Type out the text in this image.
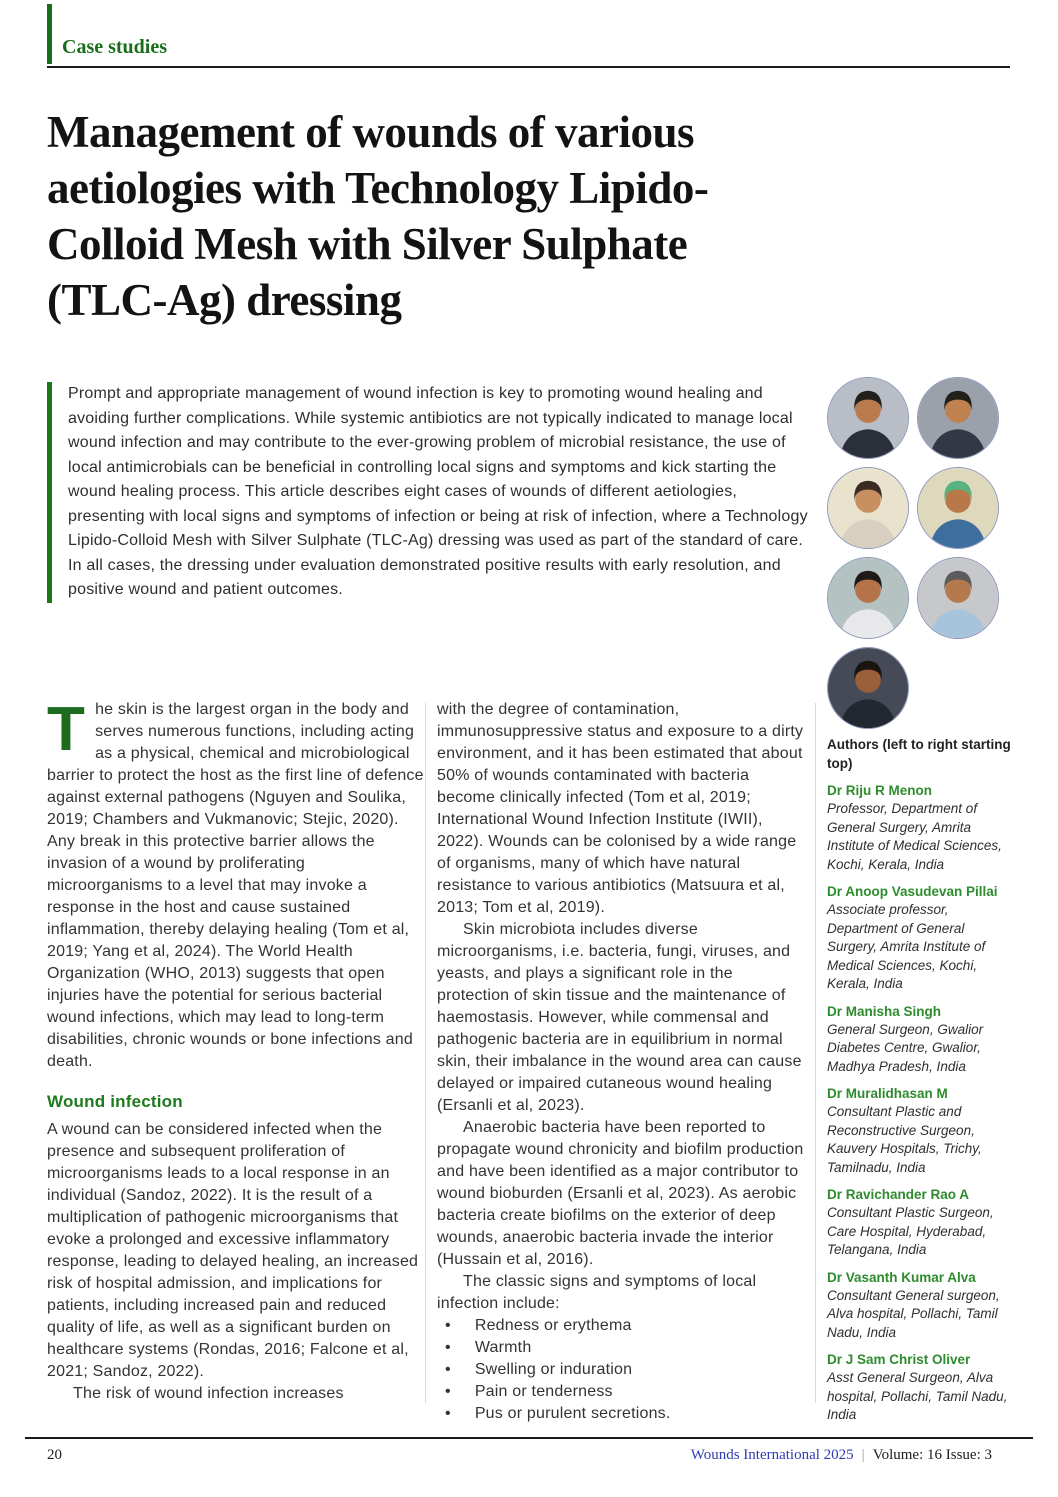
Case studies
Management of wounds of various
aetiologies with Technology Lipido-
Colloid Mesh with Silver Sulphate
(TLC-Ag) dressing
Prompt and appropriate management of wound infection is key to promoting wound healing and avoiding further complications. While systemic antibiotics are not typically indicated to manage local wound infection and may contribute to the ever-growing problem of microbial resistance, the use of local antimicrobials can be beneficial in controlling local signs and symptoms and kick starting the wound healing process. This article describes eight cases of wounds of different aetiologies, presenting with local signs and symptoms of infection or being at risk of infection, where a Technology Lipido-Colloid Mesh with Silver Sulphate (TLC-Ag) dressing was used as part of the standard of care. In all cases, the dressing under evaluation demonstrated positive results with early resolution, and positive wound and patient outcomes.

The skin is the largest organ in the body and serves numerous functions, including acting as a physical, chemical and microbiological barrier to protect the host as the first line of defence against external pathogens (Nguyen and Soulika, 2019; Chambers and Vukmanovic; Stejic, 2020). Any break in this protective barrier allows the invasion of a wound by proliferating microorganisms to a level that may invoke a response in the host and cause sustained inflammation, thereby delaying healing (Tom et al, 2019; Yang et al, 2024). The World Health Organization (WHO, 2013) suggests that open injuries have the potential for serious bacterial wound infections, which may lead to long-term disabilities, chronic wounds or bone infections and death.

Wound infection

A wound can be considered infected when the presence and subsequent proliferation of microorganisms leads to a local response in an individual (Sandoz, 2022). It is the result of a multiplication of pathogenic microorganisms that evoke a prolonged and excessive inflammatory response, leading to delayed healing, an increased risk of hospital admission, and implications for patients, including increased pain and reduced quality of life, as well as a significant burden on healthcare systems (Rondas, 2016; Falcone et al, 2021; Sandoz, 2022).

The risk of wound infection increases

with the degree of contamination, immunosuppressive status and exposure to a dirty environment, and it has been estimated that about 50% of wounds contaminated with bacteria become clinically infected (Tom et al, 2019; International Wound Infection Institute (IWII), 2022). Wounds can be colonised by a wide range of organisms, many of which have natural resistance to various antibiotics (Matsuura et al, 2013; Tom et al, 2019).

Skin microbiota includes diverse microorganisms, i.e. bacteria, fungi, viruses, and yeasts, and plays a significant role in the protection of skin tissue and the maintenance of haemostasis. However, while commensal and pathogenic bacteria are in equilibrium in normal skin, their imbalance in the wound area can cause delayed or impaired cutaneous wound healing (Ersanli et al, 2023).

Anaerobic bacteria have been reported to propagate wound chronicity and biofilm production and have been identified as a major contributor to wound bioburden (Ersanli et al, 2023). As aerobic bacteria create biofilms on the exterior of deep wounds, anaerobic bacteria invade the interior (Hussain et al, 2016).

The classic signs and symptoms of local infection include:

• Redness or erythema
• Warmth
• Swelling or induration
• Pain or tenderness
• Pus or purulent secretions.
Authors (left to right starting top)
Dr Riju R Menon
Professor, Department of General Surgery, Amrita Institute of Medical Sciences, Kochi, Kerala, India
Dr Anoop Vasudevan Pillai
Associate professor, Department of General Surgery, Amrita Institute of Medical Sciences, Kochi, Kerala, India
Dr Manisha Singh
General Surgeon, Gwalior Diabetes Centre, Gwalior, Madhya Pradesh, India
Dr Muralidhasan M
Consultant Plastic and Reconstructive Surgeon, Kauvery Hospitals, Trichy, Tamilnadu, India
Dr Ravichander Rao A
Consultant Plastic Surgeon, Care Hospital, Hyderabad, Telangana, India
Dr Vasanth Kumar Alva
Consultant General surgeon, Alva hospital, Pollachi, Tamil Nadu, India
Dr J Sam Christ Oliver
Asst General Surgeon, Alva hospital, Pollachi, Tamil Nadu, India
20	Wounds International 2025 | Volume: 16 Issue: 3
